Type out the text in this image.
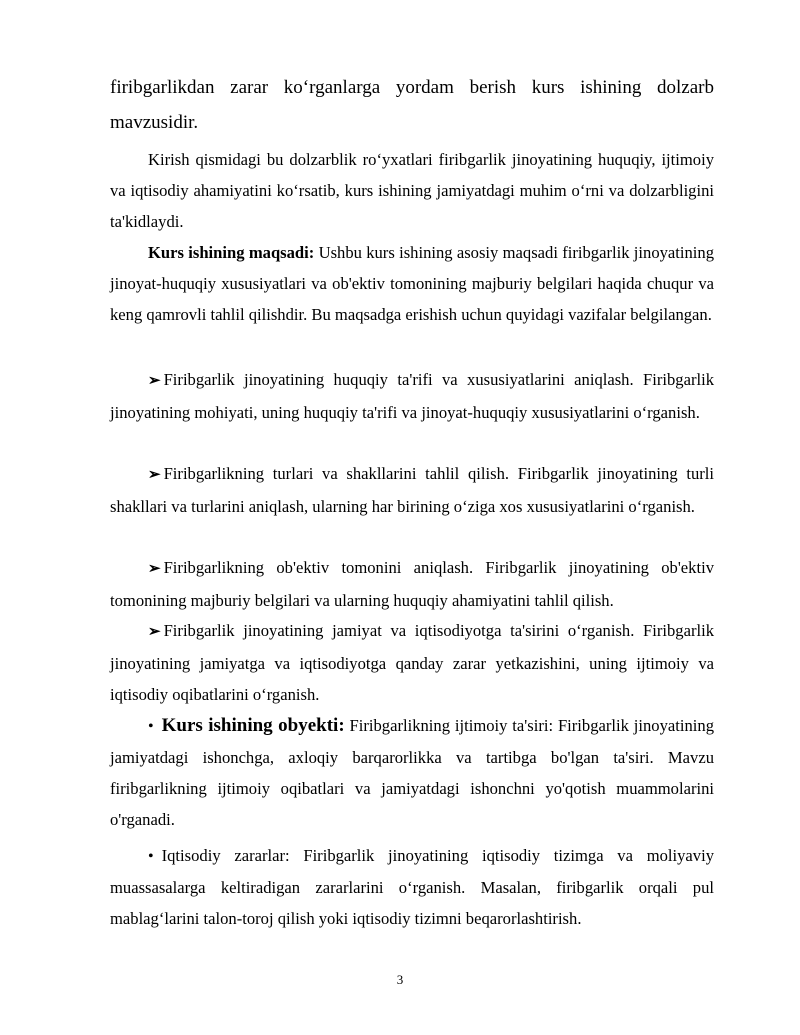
firibgarlikdan zarar ko‘rganlarga yordam berish kurs ishining dolzarb mavzusidir.
Kirish qismidagi bu dolzarblik ro‘yxatlari firibgarlik jinoyatining huquqiy, ijtimoiy va iqtisodiy ahamiyatini ko‘rsatib, kurs ishining jamiyatdagi muhim o‘rni va dolzarbligini ta'kidlaydi.
Kurs ishining maqsadi: Ushbu kurs ishining asosiy maqsadi firibgarlik jinoyatining jinoyat-huquqiy xususiyatlari va ob'ektiv tomonining majburiy belgilari haqida chuqur va keng qamrovli tahlil qilishdir. Bu maqsadga erishish uchun quyidagi vazifalar belgilangan.
➢ Firibgarlik jinoyatining huquqiy ta'rifi va xususiyatlarini aniqlash. Firibgarlik jinoyatining mohiyati, uning huquqiy ta'rifi va jinoyat-huquqiy xususiyatlarini o‘rganish.
➢ Firibgarlikning turlari va shakllarini tahlil qilish. Firibgarlik jinoyatining turli shakllari va turlarini aniqlash, ularning har birining o‘ziga xos xususiyatlarini o‘rganish.
➢ Firibgarlikning ob'ektiv tomonini aniqlash. Firibgarlik jinoyatining ob'ektiv tomonining majburiy belgilari va ularning huquqiy ahamiyatini tahlil qilish.
➢ Firibgarlik jinoyatining jamiyat va iqtisodiyotga ta'sirini o‘rganish. Firibgarlik jinoyatining jamiyatga va iqtisodiyotga qanday zarar yetkazishini, uning ijtimoiy va iqtisodiy oqibatlarini o‘rganish.
• Kurs ishining obyekti: Firibgarlikning ijtimoiy ta'siri: Firibgarlik jinoyatining jamiyatdagi ishonchga, axloqiy barqarorlikka va tartibga bo'lgan ta'siri. Mavzu firibgarlikning ijtimoiy oqibatlari va jamiyatdagi ishonchni yo'qotish muammolarini o'rganadi.
• Iqtisodiy zararlar: Firibgarlik jinoyatining iqtisodiy tizimga va moliyaviy muassasalarga keltiradigan zararlarini o‘rganish. Masalan, firibgarlik orqali pul mablag‘larini talon-toroj qilish yoki iqtisodiy tizimni beqarorlashtirish.
3
